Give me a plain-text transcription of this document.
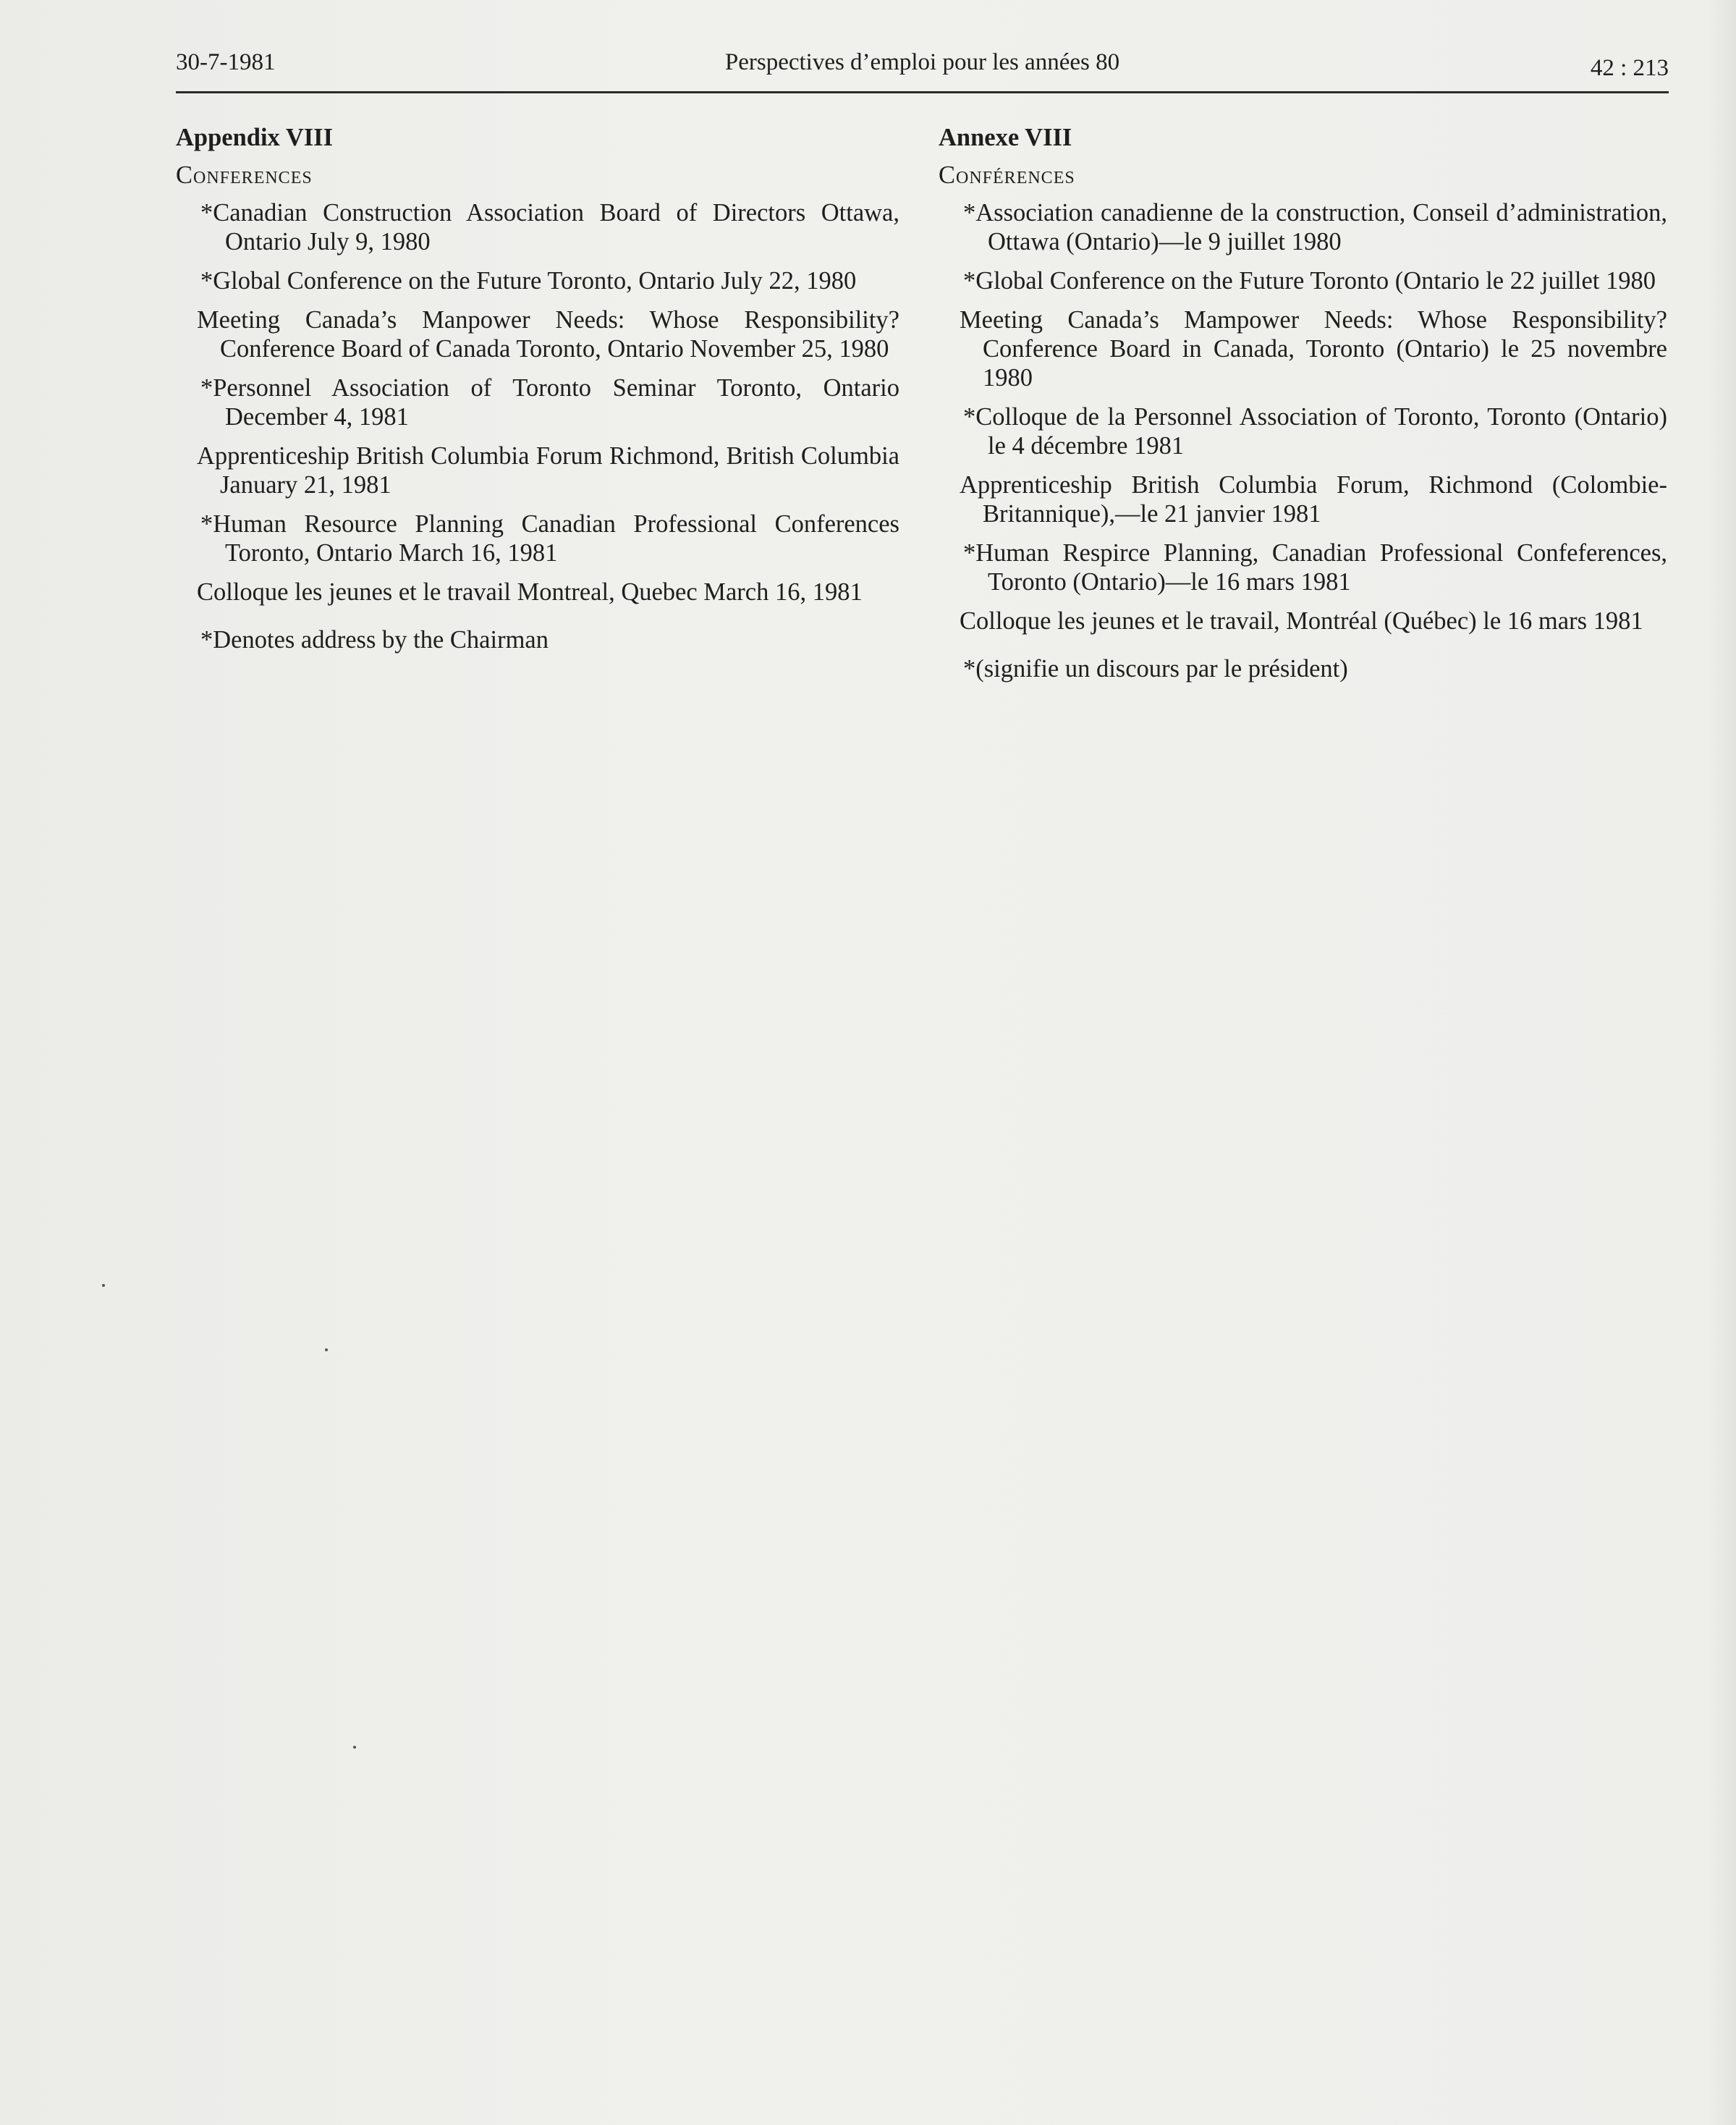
30-7-1981	Perspectives d’emploi pour les années 80	42 : 213
Appendix VIII
Conferences
*Canadian Construction Association Board of Directors Ottawa, Ontario July 9, 1980
*Global Conference on the Future Toronto, Ontario July 22, 1980
Meeting Canada’s Manpower Needs: Whose Responsibility? Conference Board of Canada Toronto, Ontario November 25, 1980
*Personnel Association of Toronto Seminar Toronto, Ontario December 4, 1981
Apprenticeship British Columbia Forum Richmond, British Columbia January 21, 1981
*Human Resource Planning Canadian Professional Conferences Toronto, Ontario March 16, 1981
Colloque les jeunes et le travail Montreal, Quebec March 16, 1981
*Denotes address by the Chairman
Annexe VIII
Conférences
*Association canadienne de la construction, Conseil d’administration, Ottawa (Ontario)—le 9 juillet 1980
*Global Conference on the Future Toronto (Ontario le 22 juillet 1980
Meeting Canada’s Mampower Needs: Whose Responsibility? Conference Board in Canada, Toronto (Ontario) le 25 novembre 1980
*Colloque de la Personnel Association of Toronto, Toronto (Ontario) le 4 décembre 1981
Apprenticeship British Columbia Forum, Richmond (Colombie-Britannique),—le 21 janvier 1981
*Human Respirce Planning, Canadian Professional Confeferences, Toronto (Ontario)—le 16 mars 1981
Colloque les jeunes et le travail, Montréal (Québec) le 16 mars 1981
*(signifie un discours par le président)
